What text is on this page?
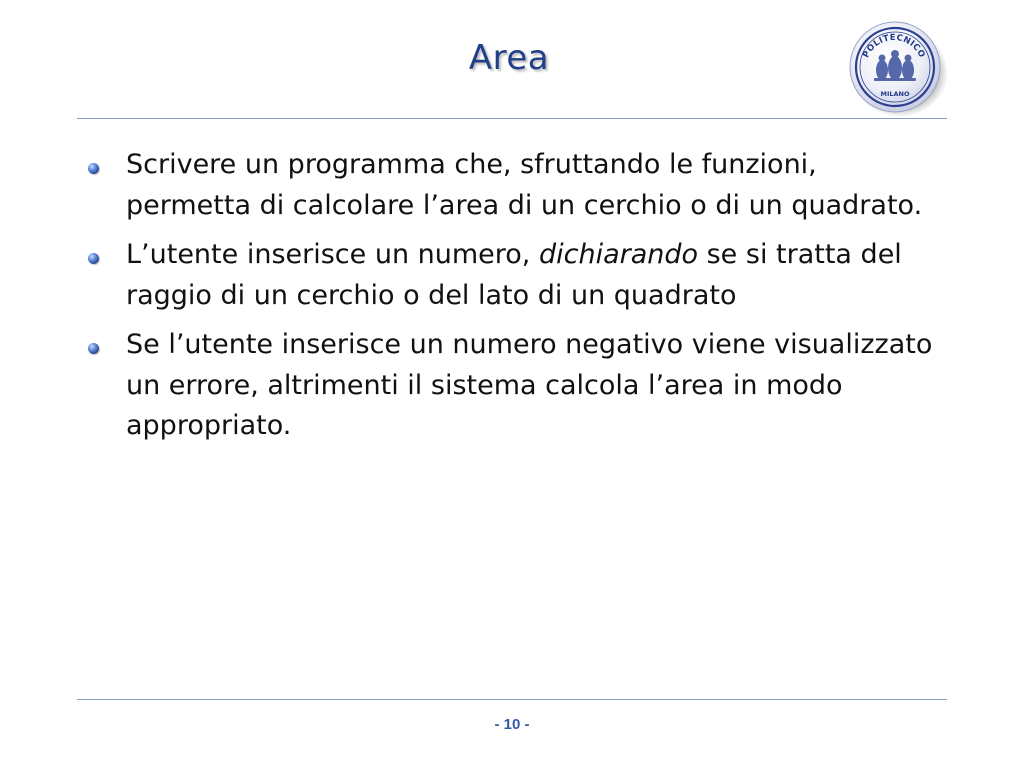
Area	POLITECNICO
MILANO
Scrivere un programma che, sfruttando le funzioni, permetta di calcolare l’area di un cerchio o di un quadrato.
L’utente inserisce un numero, dichiarando se si tratta del raggio di un cerchio o del lato di un quadrato
Se l’utente inserisce un numero negativo viene visualizzato un errore, altrimenti il sistema calcola l’area in modo appropriato.
- 10 -
